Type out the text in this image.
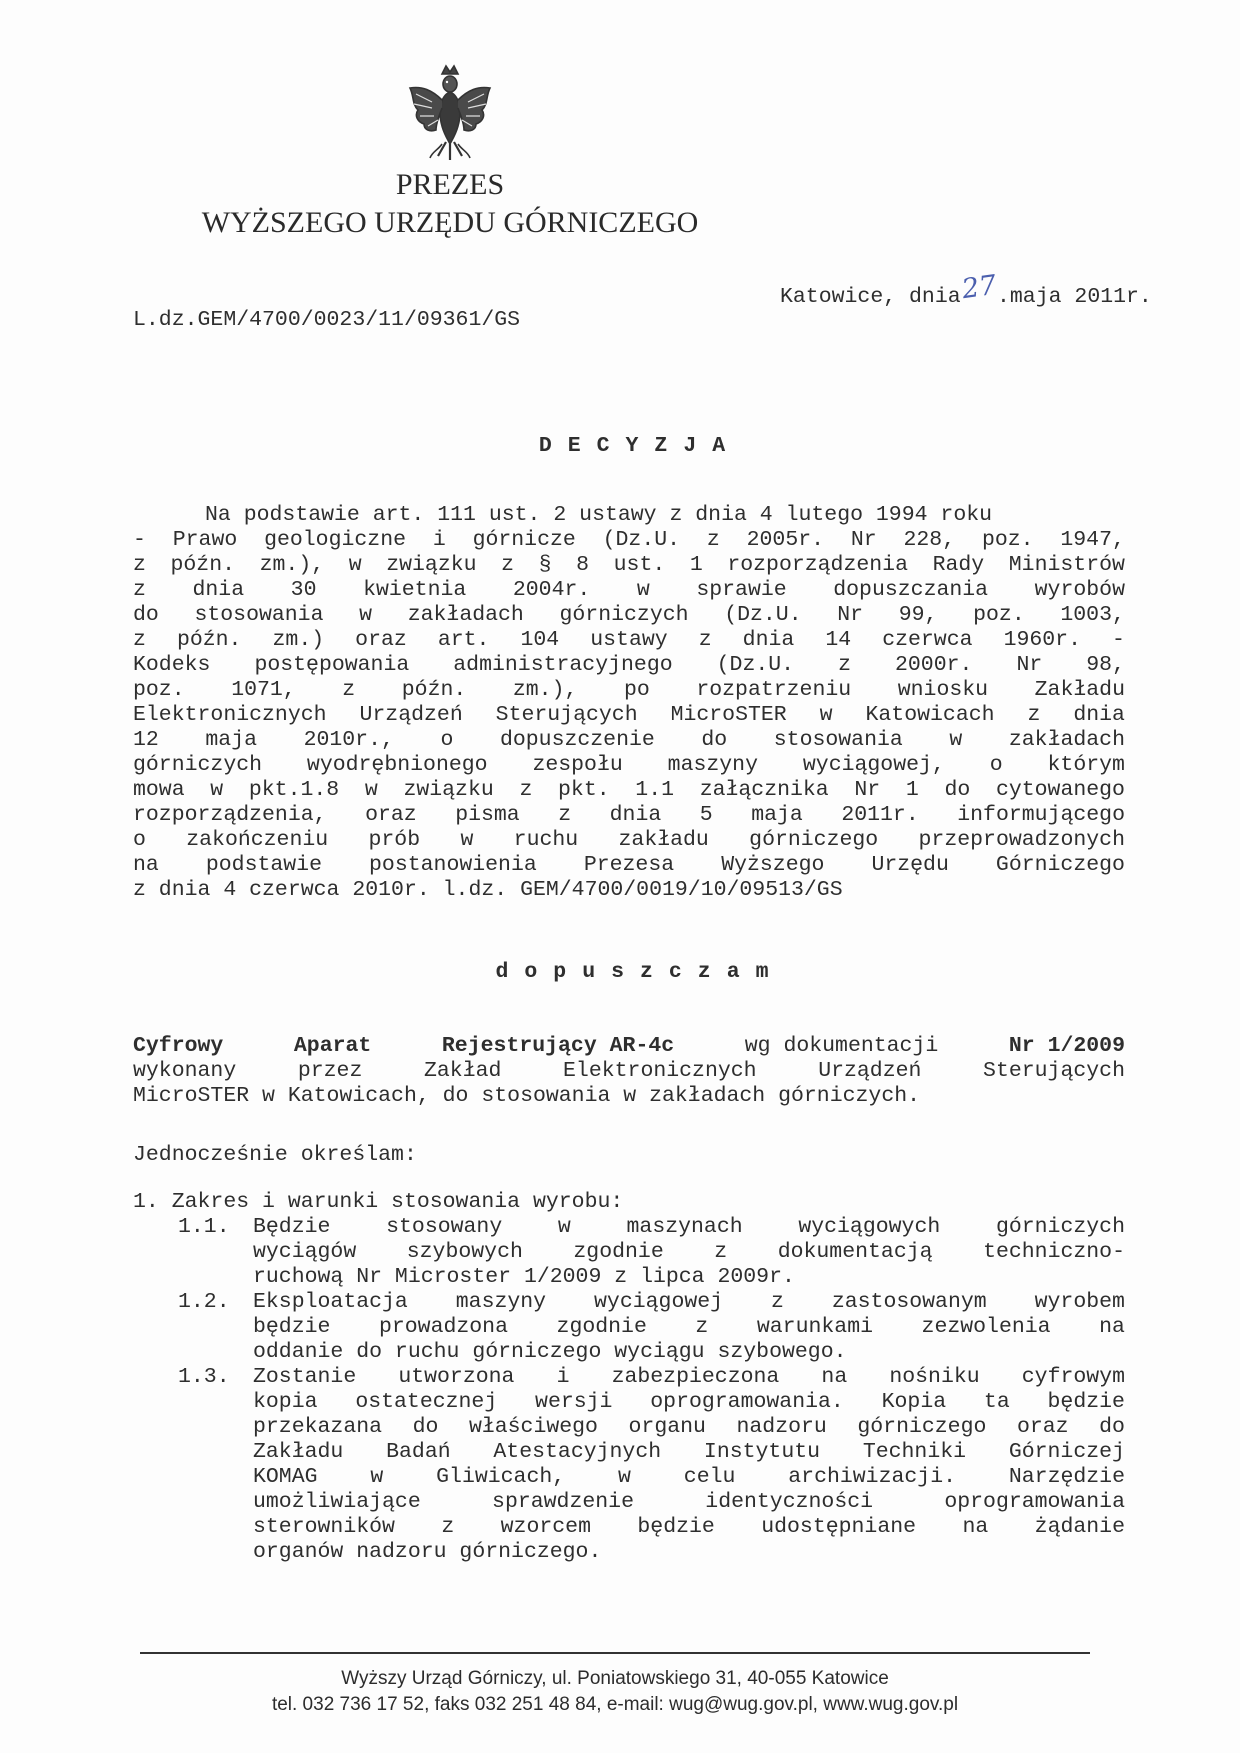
PREZES
WYŻSZEGO URZĘDU GÓRNICZEGO
Katowice, dnia27.maja 2011r.
L.dz.GEM/4700/0023/11/09361/GS
DECYZJA
Na podstawie art. 111 ust. 2 ustawy z dnia 4 lutego 1994 roku
- Prawo geologiczne i górnicze (Dz.U. z 2005r. Nr 228, poz. 1947,
z późn. zm.), w związku z § 8 ust. 1 rozporządzenia Rady Ministrów
z dnia 30 kwietnia 2004r. w sprawie dopuszczania wyrobów
do stosowania w zakładach górniczych (Dz.U. Nr 99, poz. 1003,
z późn. zm.) oraz art. 104 ustawy z dnia 14 czerwca 1960r. -
Kodeks postępowania administracyjnego (Dz.U. z 2000r. Nr 98,
poz. 1071, z późn. zm.), po rozpatrzeniu wniosku Zakładu
Elektronicznych Urządzeń Sterujących MicroSTER w Katowicach z dnia
12 maja 2010r., o dopuszczenie do stosowania w zakładach
górniczych wyodrębnionego zespołu maszyny wyciągowej, o którym
mowa w pkt.1.8 w związku z pkt. 1.1 załącznika Nr 1 do cytowanego
rozporządzenia, oraz pisma z dnia 5 maja 2011r. informującego
o zakończeniu prób w ruchu zakładu górniczego przeprowadzonych
na podstawie postanowienia Prezesa Wyższego Urzędu Górniczego
z dnia 4 czerwca 2010r. l.dz. GEM/4700/0019/10/09513/GS
dopuszczam
Cyfrowy	Aparat	Rejestrujący AR-4c	wg dokumentacji	Nr 1/2009
wykonany	przez	Zakład	Elektronicznych	Urządzeń	Sterujących
MicroSTER w Katowicach, do stosowania w zakładach górniczych.
Jednocześnie określam:
1. Zakres i warunki stosowania wyrobu:
1.1. Będzie	stosowany	w	maszynach	wyciągowych	górniczych
wyciągów szybowych zgodnie z dokumentacją techniczno-
ruchową Nr Microster 1/2009 z lipca 2009r.
1.2. Eksploatacja maszyny wyciągowej z zastosowanym wyrobem
będzie prowadzona zgodnie z warunkami zezwolenia na
oddanie do ruchu górniczego wyciągu szybowego.
1.3. Zostanie utworzona i zabezpieczona na nośniku cyfrowym
kopia ostatecznej wersji oprogramowania. Kopia ta będzie
przekazana do właściwego organu nadzoru górniczego oraz do
Zakładu Badań Atestacyjnych Instytutu Techniki Górniczej
KOMAG w Gliwicach, w celu archiwizacji. Narzędzie
umożliwiające	sprawdzenie	identyczności	oprogramowania
sterowników z wzorcem będzie udostępniane na żądanie
organów nadzoru górniczego.
Wyższy Urząd Górniczy, ul. Poniatowskiego 31, 40-055 Katowice
tel. 032 736 17 52, faks 032 251 48 84, e-mail: wug@wug.gov.pl, www.wug.gov.pl
